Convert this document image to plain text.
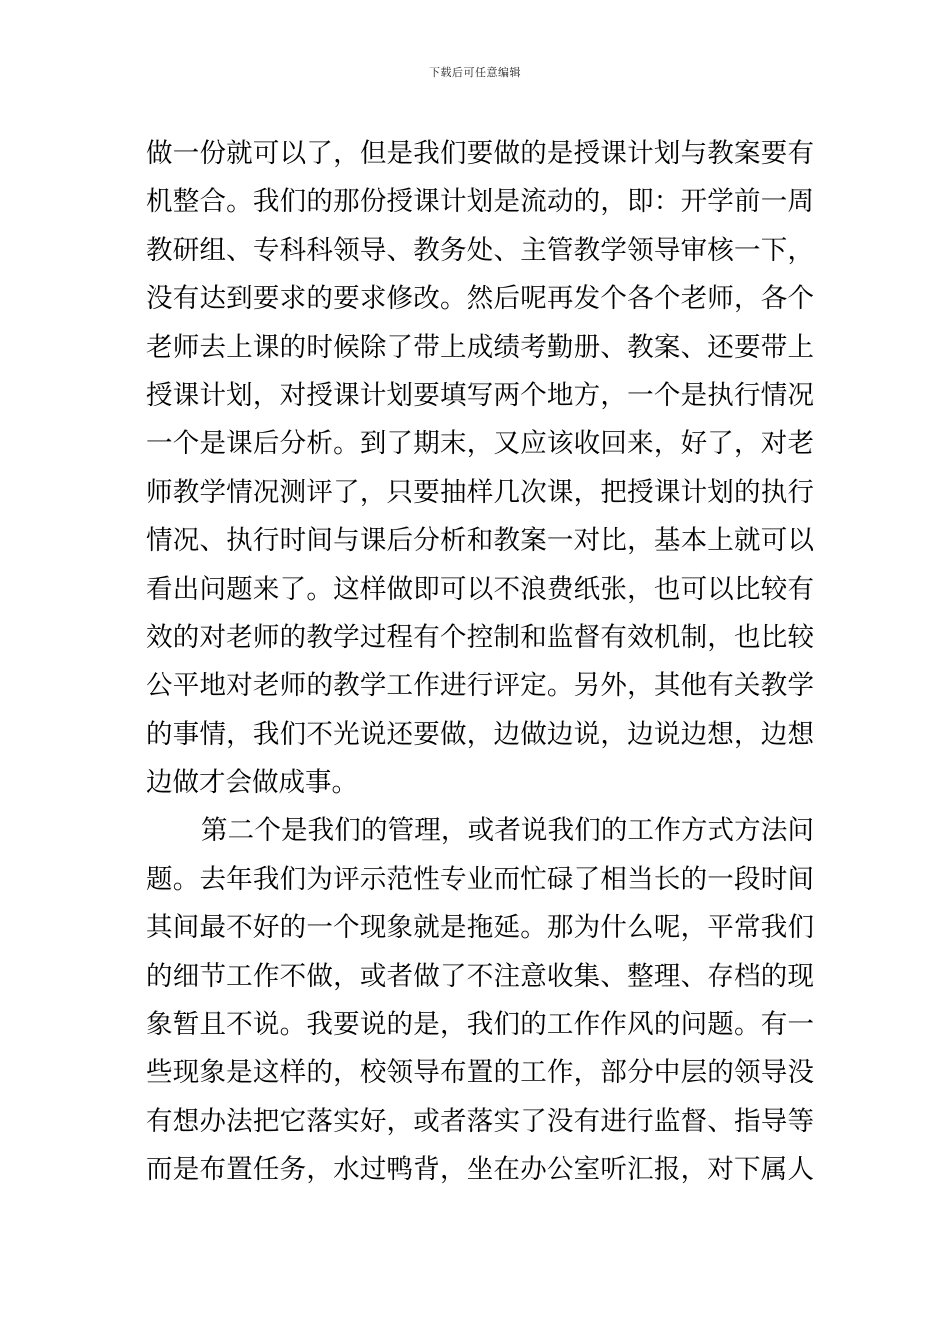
下载后可任意编辑
做一份就可以了，但是我们要做的是授课计划与教案要有
机整合。我们的那份授课计划是流动的，即：开学前一周
教研组、专科科领导、教务处、主管教学领导审核一下，
没有达到要求的要求修改。然后呢再发个各个老师，各个
老师去上课的时候除了带上成绩考勤册、教案、还要带上
授课计划，对授课计划要填写两个地方，一个是执行情况
一个是课后分析。到了期末，又应该收回来，好了，对老
师教学情况测评了，只要抽样几次课，把授课计划的执行
情况、执行时间与课后分析和教案一对比，基本上就可以
看出问题来了。这样做即可以不浪费纸张，也可以比较有
效的对老师的教学过程有个控制和监督有效机制，也比较
公平地对老师的教学工作进行评定。另外，其他有关教学
的事情，我们不光说还要做，边做边说，边说边想，边想
边做才会做成事。
第二个是我们的管理，或者说我们的工作方式方法问
题。去年我们为评示范性专业而忙碌了相当长的一段时间
其间最不好的一个现象就是拖延。那为什么呢，平常我们
的细节工作不做，或者做了不注意收集、整理、存档的现
象暂且不说。我要说的是，我们的工作作风的问题。有一
些现象是这样的，校领导布置的工作，部分中层的领导没
有想办法把它落实好，或者落实了没有进行监督、指导等
而是布置任务，水过鸭背，坐在办公室听汇报，对下属人
